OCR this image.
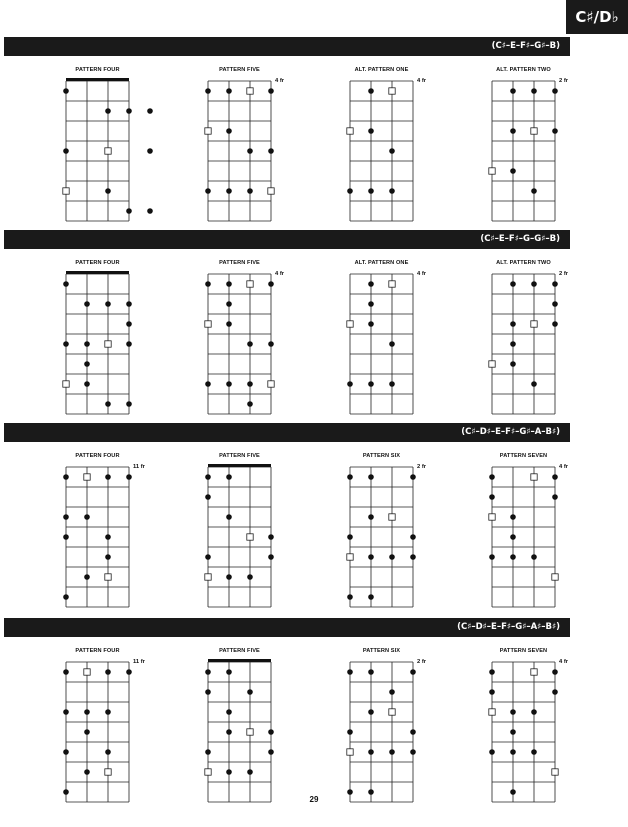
C♯/D♭
(C♯–E–F♯–G♯–B)
PATTERN FOUR	PATTERN FIVE
4 fr
ALT. PATTERN ONE
4 fr
ALT. PATTERN TWO
2 fr
(C♯–E–F♯–G–G♯–B)
PATTERN FOUR	PATTERN FIVE
4 fr
ALT. PATTERN ONE
4 fr
ALT. PATTERN TWO
2 fr
(C♯–D♯–E–F♯–G♯–A–B♯)
PATTERN FOUR
11 fr
PATTERN FIVE	PATTERN SIX
2 fr
PATTERN SEVEN
4 fr
(C♯–D♯–E–F♯–G♯–A♯–B♯)
PATTERN FOUR
11 fr
PATTERN FIVE	PATTERN SIX
2 fr
PATTERN SEVEN
4 fr
29
